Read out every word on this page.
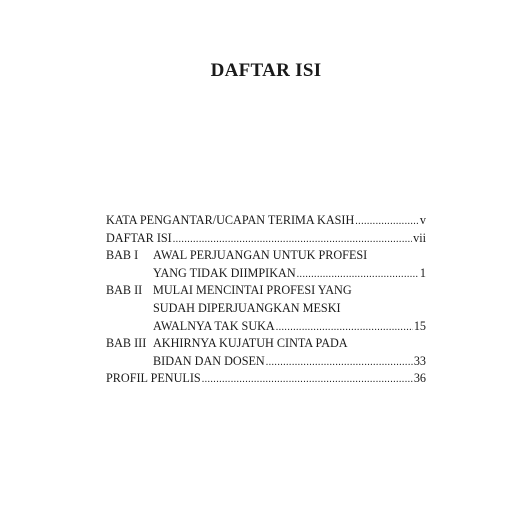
DAFTAR ISI
KATA PENGANTAR/UCAPAN TERIMA KASIH .....	v
DAFTAR ISI .....	vii
BAB I	AWAL PERJUANGAN UNTUK PROFESI
YANG TIDAK DIIMPIKAN .....	1
BAB II MULAI MENCINTAI PROFESI YANG
SUDAH DIPERJUANGKAN MESKI
AWALNYA TAK SUKA .....	15
BAB III AKHIRNYA KUJATUH CINTA PADA
BIDAN DAN DOSEN .....	33
PROFIL PENULIS .....	36
